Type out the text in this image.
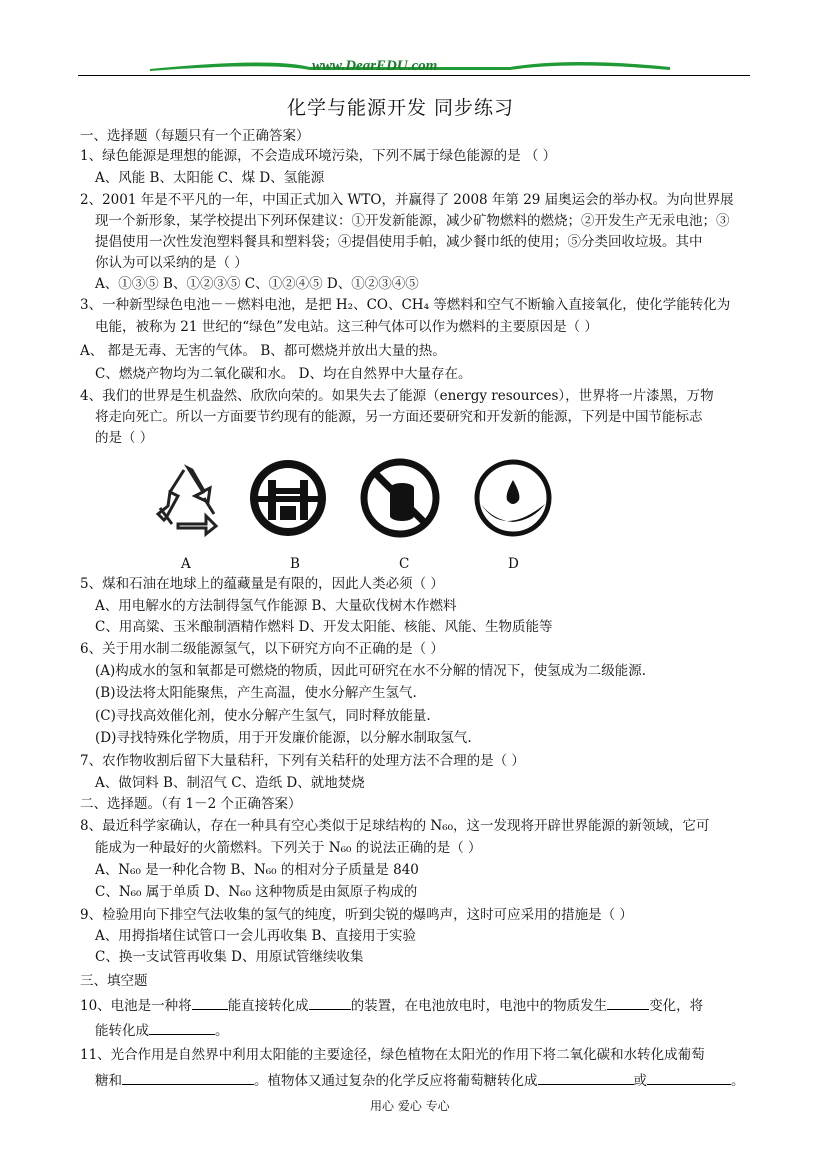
www.DearEDU.com
化学与能源开发 同步练习
一、选择题（每题只有一个正确答案）
1、绿色能源是理想的能源，不会造成环境污染，下列不属于绿色能源的是 （ ）
A、风能 B、太阳能 C、煤 D、氢能源
2、2001 年是不平凡的一年，中国正式加入 WTO，并赢得了 2008 年第 29 届奥运会的举办权。为向世界展
现一个新形象，某学校提出下列环保建议：①开发新能源，减少矿物燃料的燃烧；②开发生产无汞电池；③
提倡使用一次性发泡塑料餐具和塑料袋；④提倡使用手帕，减少餐巾纸的使用；⑤分类回收垃圾。其中
你认为可以采纳的是（ ）
A、①③⑤ B、①②③⑤ C、①②④⑤ D、①②③④⑤
3、一种新型绿色电池－－燃料电池，是把 H₂、CO、CH₄ 等燃料和空气不断输入直接氧化，使化学能转化为
电能，被称为 21 世纪的“绿色”发电站。这三种气体可以作为燃料的主要原因是（ ）
A、 都是无毒、无害的气体。 B、都可燃烧并放出大量的热。
C、燃烧产物均为二氧化碳和水。 D、均在自然界中大量存在。
4、我们的世界是生机盎然、欣欣向荣的。如果失去了能源（energy resources），世界将一片漆黑，万物
将走向死亡。所以一方面要节约现有的能源，另一方面还要研究和开发新的能源，下列是中国节能标志
的是（ ）
A	B	C	D
5、煤和石油在地球上的蕴藏量是有限的，因此人类必须（ ）
A、用电解水的方法制得氢气作能源 B、大量砍伐树木作燃料
C、用高粱、玉米酿制酒精作燃料 D、开发太阳能、核能、风能、生物质能等
6、关于用水制二级能源氢气，以下研究方向不正确的是（ ）
(A)构成水的氢和氧都是可燃烧的物质，因此可研究在水不分解的情况下，使氢成为二级能源.
(B)设法将太阳能聚焦，产生高温，使水分解产生氢气.
(C)寻找高效催化剂，使水分解产生氢气，同时释放能量.
(D)寻找特殊化学物质，用于开发廉价能源，以分解水制取氢气.
7、农作物收割后留下大量秸秆，下列有关秸秆的处理方法不合理的是（ ）
A、做饲料 B、制沼气 C、造纸 D、就地焚烧
二、选择题。（有 1－2 个正确答案）
8、最近科学家确认，存在一种具有空心类似于足球结构的 N₆₀，这一发现将开辟世界能源的新领域，它可
能成为一种最好的火箭燃料。下列关于 N₆₀ 的说法正确的是（ ）
A、N₆₀ 是一种化合物 B、N₆₀ 的相对分子质量是 840
C、N₆₀ 属于单质 D、N₆₀ 这种物质是由氮原子构成的
9、检验用向下排空气法收集的氢气的纯度，听到尖锐的爆鸣声，这时可应采用的措施是（ ）
A、用拇指堵住试管口一会儿再收集 B、直接用于实验
C、换一支试管再收集 D、用原试管继续收集
三、填空题
10、电池是一种将	能直接转化成	的装置，在电池放电时，电池中的物质发生	变化，将
能转化成	。
11、光合作用是自然界中利用太阳能的主要途径，绿色植物在太阳光的作用下将二氧化碳和水转化成葡萄
糖和	。植物体又通过复杂的化学反应将葡萄糖转化成	或	。
用心 爱心 专心
